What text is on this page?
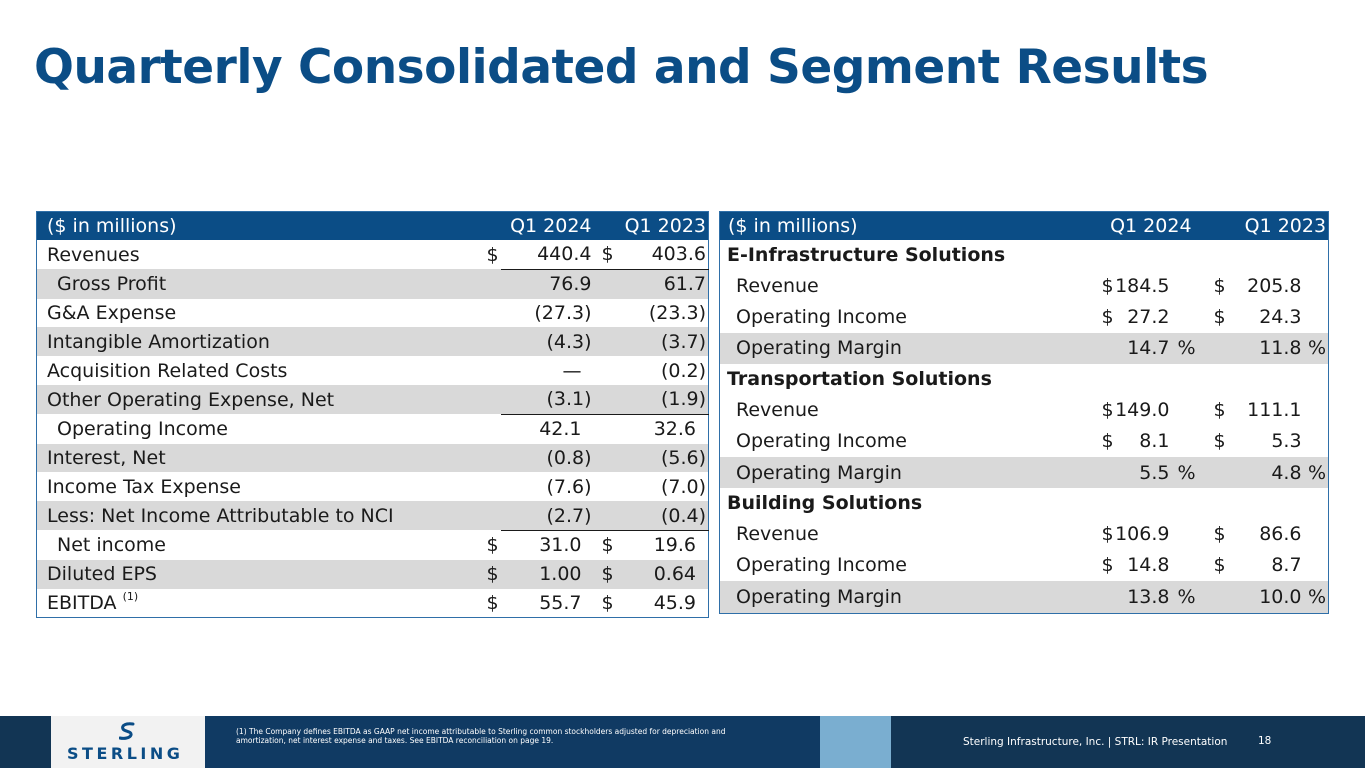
Quarterly Consolidated and Segment Results
($ in millions)	Q1 2024		Q1 2023	
Revenues	$	440.4	$	403.6
Gross Profit		76.9		61.7
G&A Expense		(27.3)		(23.3)
Intangible Amortization		(4.3)		(3.7)
Acquisition Related Costs		—		(0.2)
Other Operating Expense, Net		(3.1)		(1.9)
Operating Income		42.1		32.6
Interest, Net		(0.8)		(5.6)
Income Tax Expense		(7.6)		(7.0)
Less: Net Income Attributable to NCI		(2.7)		(0.4)
Net income	$	31.0	$	19.6
Diluted EPS	$	1.00	$	0.64
EBITDA $^{(1)}$	$	55.7	$	45.9
($ in millions)	Q1 2024			Q1 2023		
E-Infrastructure Solutions						
Revenue	$	184.5		$	205.8	
Operating Income	$	27.2		$	24.3	
Operating Margin		14.7	%		11.8	%
Transportation Solutions						
Revenue	$	149.0		$	111.1	
Operating Income	$	8.1		$	5.3	
Operating Margin		5.5	%		4.8	%
Building Solutions						
Revenue	$	106.9		$	86.6	
Operating Income	$	14.8		$	8.7	
Operating Margin		13.8	%		10.0	%
STERLING
(1) The Company defines EBITDA as GAAP net income attributable to Sterling common stockholders adjusted for depreciation and amortization, net interest expense and taxes. See EBITDA reconciliation on page 19.	Sterling Infrastructure, Inc. | STRL: IR Presentation	18
